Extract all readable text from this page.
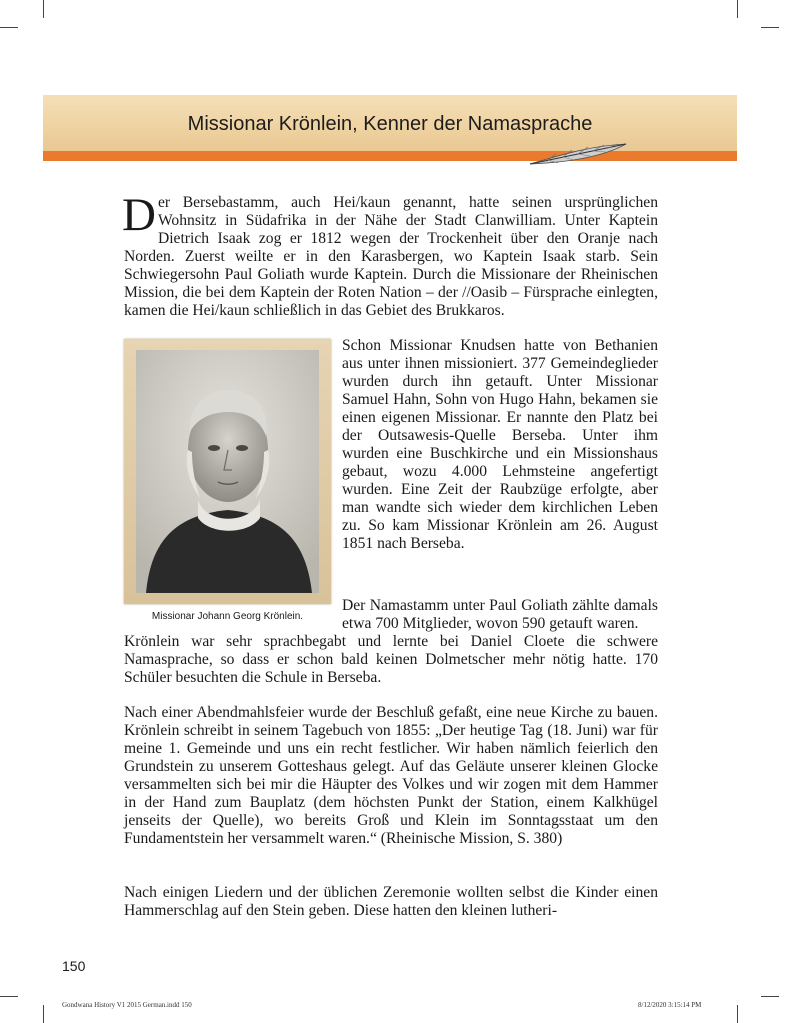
Missionar Krönlein, Kenner der Namasprache

Der Bersebastamm, auch Hei/kaun genannt, hatte seinen ursprünglichen Wohnsitz in Südafrika in der Nähe der Stadt Clanwilliam. Unter Kaptein Dietrich Isaak zog er 1812 wegen der Trockenheit über den Oranje nach Norden. Zuerst weilte er in den Karasbergen, wo Kaptein Isaak starb. Sein Schwiegersohn Paul Goliath wurde Kaptein. Durch die Missionare der Rheinischen Mission, die bei dem Kaptein der Roten Nation – der //Oasib – Fürsprache einlegten, kamen die Hei/kaun schließlich in das Gebiet des Brukkaros.

Missionar Johann Georg Krönlein.

Schon Missionar Knudsen hatte von Bethanien aus unter ihnen missioniert. 377 Gemeindeglieder wurden durch ihn getauft. Unter Missionar Samuel Hahn, Sohn von Hugo Hahn, bekamen sie einen eigenen Missionar. Er nannte den Platz bei der Outsawesis-Quelle Berseba. Unter ihm wurden eine Buschkirche und ein Missionshaus gebaut, wozu 4.000 Lehmsteine angefertigt wurden. Eine Zeit der Raubzüge erfolgte, aber man wandte sich wieder dem kirchlichen Leben zu. So kam Missionar Krönlein am 26. August 1851 nach Berseba.

Der Namastamm unter Paul Goliath zählte damals etwa 700 Mitglieder, wovon 590 getauft waren.

Krönlein war sehr sprachbegabt und lernte bei Daniel Cloete die schwere Namasprache, so dass er schon bald keinen Dolmetscher mehr nötig hatte. 170 Schüler besuchten die Schule in Berseba.

Nach einer Abendmahlsfeier wurde der Beschluß gefaßt, eine neue Kirche zu bauen. Krönlein schreibt in seinem Tagebuch von 1855: „Der heutige Tag (18. Juni) war für meine 1. Gemeinde und uns ein recht festlicher. Wir haben nämlich feierlich den Grundstein zu unserem Gotteshaus gelegt. Auf das Geläute unserer kleinen Glocke versammelten sich bei mir die Häupter des Volkes und wir zogen mit dem Hammer in der Hand zum Bauplatz (dem höchsten Punkt der Station, einem Kalkhügel jenseits der Quelle), wo bereits Groß und Klein im Sonntagsstaat um den Fundamentstein her versammelt waren.“ (Rheinische Mission, S. 380)

Nach einigen Liedern und der üblichen Zeremonie wollten selbst die Kinder einen Hammerschlag auf den Stein geben. Diese hatten den kleinen lutheri-

150
Gondwana History V1 2015 German.indd 150	8/12/2020 3:15:14 PM
